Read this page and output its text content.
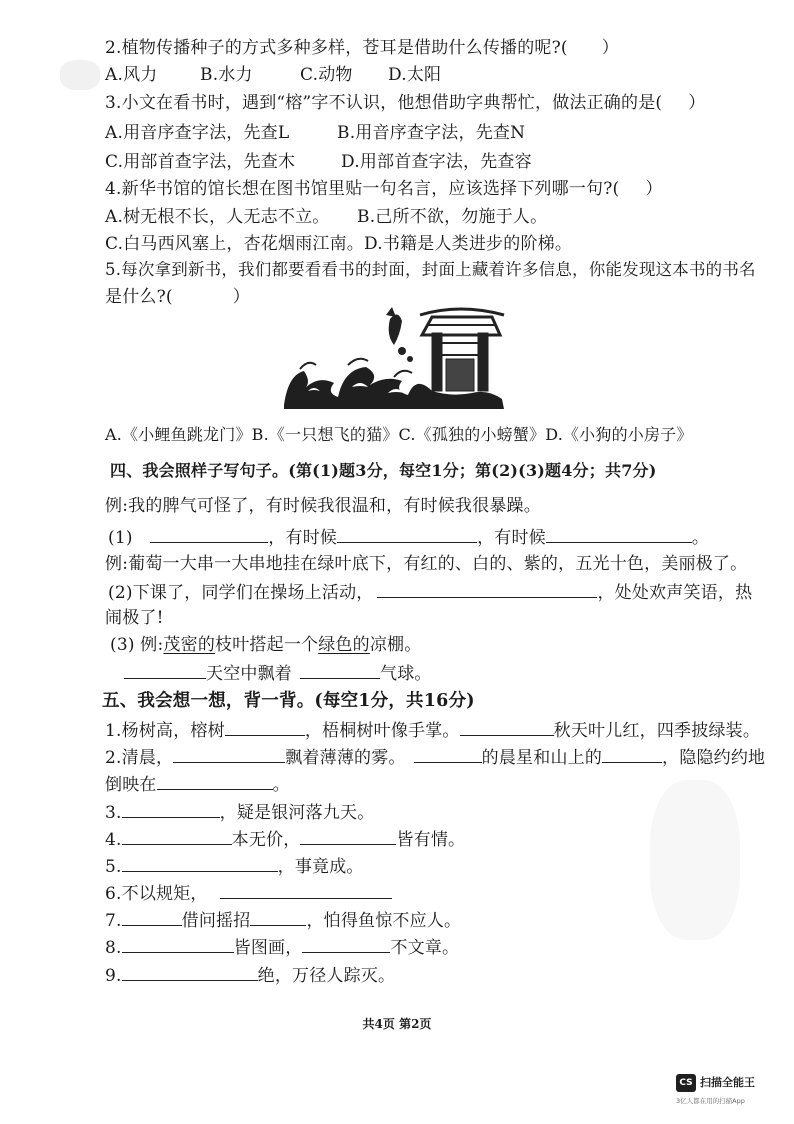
2.植物传播种子的方式多种多样，苍耳是借助什么传播的呢?( ）
A.风力	B.水力	C.动物 D.太阳
3.小文在看书时，遇到“榕”字不认识，他想借助字典帮忙，做法正确的是( ）
A.用音序查字法，先查L	B.用音序查字法，先查N
C.用部首查字法，先查木	D.用部首查字法，先查容
4.新华书馆的馆长想在图书馆里贴一句名言，应该选择下列哪一句?( ）
A.树无根不长，人无志不立。 B.己所不欲，勿施于人。
C.白马西风塞上，杏花烟雨江南。D.书籍是人类进步的阶梯。
5.每次拿到新书，我们都要看看书的封面，封面上藏着许多信息，你能发现这本书的书名
是什么?(	）
A.《小鲤鱼跳龙门》B.《一只想飞的猫》C.《孤独的小螃蟹》D.《小狗的小房子》
四、我会照样子写句子。(第(1)题3分，每空1分；第(2)(3)题4分；共7分)
例:我的脾气可怪了，有时候我很温和，有时候我很暴躁。
(1)	，有时候	，有时候	。
例:葡萄一大串一大串地挂在绿叶底下，有红的、白的、紫的，五光十色，美丽极了。
(2)下课了，同学们在操场上活动，	，处处欢声笑语，热
闹极了!
(3) 例:茂密的枝叶搭起一个绿色的凉棚。
天空中飘着	气球。
五、我会想一想，背一背。(每空1分，共16分)
1.杨树高，榕树	，梧桐树叶像手掌。	秋天叶儿红，四季披绿装。
2.清晨，	飘着薄薄的雾。	的晨星和山上的	，隐隐约约地
倒映在	。
3.	，疑是银河落九天。
4.	本无价，	皆有情。
5.	，事竟成。
6.不以规矩，
7.	借问摇招	，怕得鱼惊不应人。
8.	皆图画，	不文章。
9.	绝，万径人踪灭。
共4页 第2页
CS 扫描全能王
3亿人都在用的扫描App
